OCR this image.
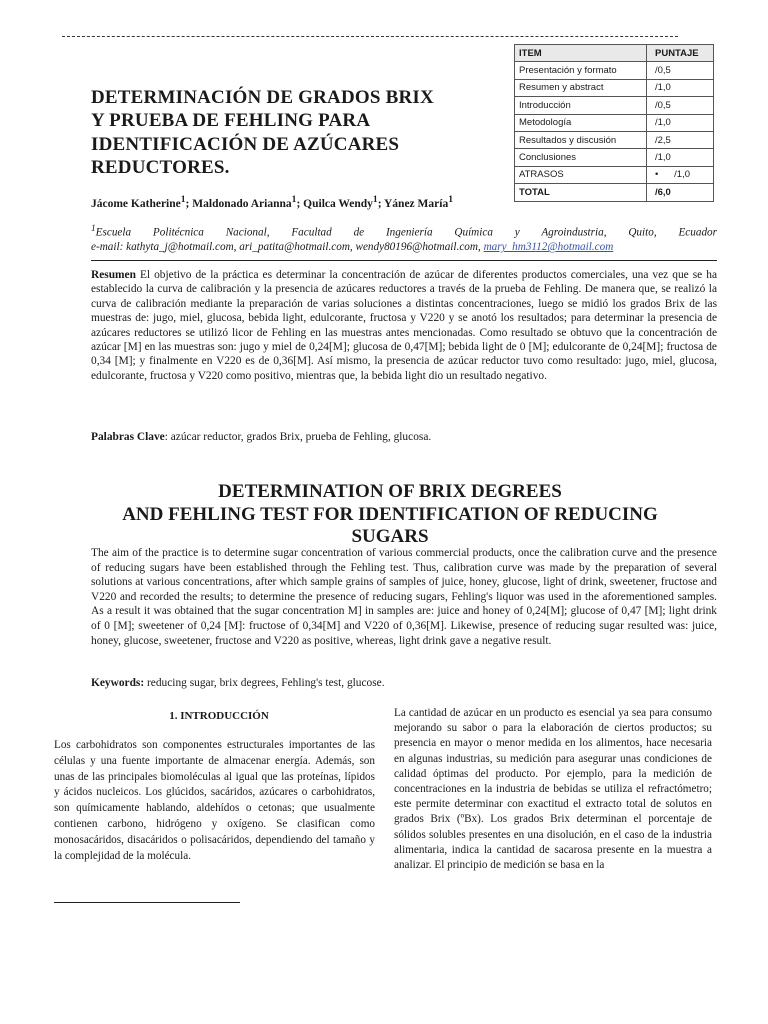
ITEM	PUNTAJE
Presentación y formato	/0,5
Resumen y abstract	/1,0
Introducción	/0,5
Metodología	/1,0
Resultados y discusión	/2,5
Conclusiones	/1,0
ATRASOS	•      /1,0
TOTAL	/6,0
DETERMINACIÓN DE GRADOS BRIX
Y PRUEBA DE FEHLING PARA
IDENTIFICACIÓN DE AZÚCARES
REDUCTORES.
Jácome Katherine$^1$; Maldonado Arianna$^1$; Quilca Wendy$^1$; Yánez María$^1$
$^1$Escuela Politécnica Nacional, Facultad de Ingeniería Química y Agroindustria, Quito, Ecuador
e-mail: kathyta_j@hotmail.com, ari_patita@hotmail.com, wendy80196@hotmail.com, mary_hm3112@hotmail.com

Resumen El objetivo de la práctica es determinar la concentración de azúcar de diferentes productos comerciales, una vez que se ha establecido la curva de calibración y la presencia de azúcares reductores a través de la prueba de Fehling. De manera que, se realizó la curva de calibración mediante la preparación de varias soluciones a distintas concentraciones, luego se midió los grados Brix de las muestras de: jugo, miel, glucosa, bebida light, edulcorante, fructosa y V220 y se anotó los resultados; para determinar la presencia de azúcares reductores se utilizó licor de Fehling en las muestras antes mencionadas. Como resultado se obtuvo que la concentración de azúcar [M] en las muestras son: jugo y miel de 0,24[M]; glucosa de 0,47[M]; bebida light de 0 [M]; edulcorante de 0,24[M]; fructosa de 0,34 [M]; y finalmente en V220 es de 0,36[M]. Así mismo, la presencia de azúcar reductor tuvo como resultado: jugo, miel, glucosa, edulcorante, fructosa y V220 como positivo, mientras que, la bebida light dio un resultado negativo.

Palabras Clave: azúcar reductor, grados Brix, prueba de Fehling, glucosa.

DETERMINATION OF BRIX DEGREES
AND FEHLING TEST FOR IDENTIFICATION OF REDUCING
SUGARS

The aim of the practice is to determine sugar concentration of various commercial products, once the calibration curve and the presence of reducing sugars have been established through the Fehling test. Thus, calibration curve was made by the preparation of several solutions at various concentrations, after which sample grains of samples of juice, honey, glucose, light of drink, sweetener, fructose and V220 and recorded the results; to determine the presence of reducing sugars, Fehling's liquor was used in the aforementioned samples. As a result it was obtained that the sugar concentration M] in samples are: juice and honey of 0,24[M]; glucose of 0,47 [M]; light drink of 0 [M]; sweetener of 0,24 [M]: fructose of 0,34[M] and V220 of 0,36[M]. Likewise, presence of reducing sugar resulted was: juice, honey, glucose, sweetener, fructose and V220 as positive, whereas, light drink gave a negative result.

Keywords: reducing sugar, brix degrees, Fehling's test, glucose.

1. INTRODUCCIÓN

Los carbohidratos son componentes estructurales importantes de las células y una fuente importante de almacenar energía. Además, son unas de las principales biomoléculas al igual que las proteínas, lípidos y ácidos nucleicos. Los glúcidos, sacáridos, azúcares o carbohidratos, son químicamente hablando, aldehídos o cetonas; que usualmente contienen carbono, hidrógeno y oxígeno. Se clasifican como monosacáridos, disacáridos o polisacáridos, dependiendo del tamaño y la complejidad de la molécula.

La cantidad de azúcar en un producto es esencial ya sea para consumo mejorando su sabor o para la elaboración de ciertos productos; su presencia en mayor o menor medida en los alimentos, hace necesaria en algunas industrias, su medición para asegurar unas condiciones de calidad óptimas del producto. Por ejemplo, para la medición de concentraciones en la industria de bebidas se utiliza el refractómetro; este permite determinar con exactitud el extracto total de solutos en grados Brix (ºBx). Los grados Brix determinan el porcentaje de sólidos solubles presentes en una disolución, en el caso de la industria alimentaria, indica la cantidad de sacarosa presente en la muestra a analizar. El principio de medición se basa en la
